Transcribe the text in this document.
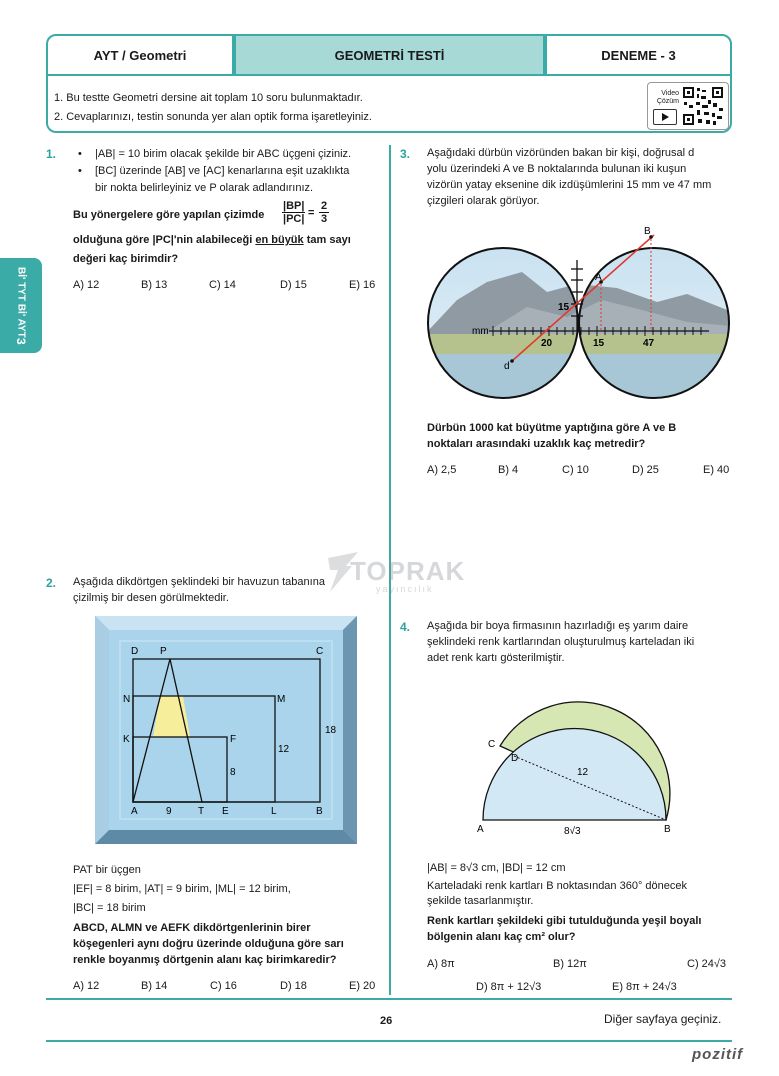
AYT / Geometri	GEOMETRİ TESTİ	DENEME - 3

1. Bu testte Geometri dersine ait toplam 10 soru bulunmaktadır.

2. Cevaplarınızı, testin sonunda yer alan optik forma işaretleyiniz.

Video
Çözüm
Bİ' TYT Bİ' AYT
3
1. • |AB| = 10 birim olacak şekilde bir ABC üçgeni çiziniz.
• [BC] üzerinde [AB] ve [AC] kenarlarına eşit uzaklıkta
bir nokta belirleyiniz ve P olarak adlandırınız.
Bu yönergelere göre yapılan çizimde $\frac{|BP|}{|PC|} = \frac{2}{3}$
olduğuna göre |PC|'nin alabileceği en büyük tam sayı
değeri kaç birimdir?
A) 12	B) 13	C) 14	D) 15	E) 16
3. Aşağıdaki dürbün vizöründen bakan bir kişi, doğrusal d
yolu üzerindeki A ve B noktalarında bulunan iki kuşun
vizörün yatay eksenine dik izdüşümlerini 15 mm ve 47 mm
çizgileri olarak görüyor.
B
A
d
mm
15
20	15	47
Dürbün 1000 kat büyütme yaptığına göre A ve B
noktaları arasındaki uzaklık kaç metredir?
A) 2,5	B) 4	C) 10	D) 25	E) 40
TOPRAK
yayıncılık
2. Aşağıda dikdörtgen şeklindeki bir havuzun tabanına
çizilmiş bir desen görülmektedir.
D P	C
N	M
K	F
A	9	T E	L	B
8
12
18
PAT bir üçgen
|EF| = 8 birim, |AT| = 9 birim, |ML| = 12 birim,
|BC| = 18 birim
ABCD, ALMN ve AEFK dikdörtgenlerinin birer
köşegenleri aynı doğru üzerinde olduğuna göre sarı
renkle boyanmış dörtgenin alanı kaç birimkaredir?
A) 12	B) 14	C) 16	D) 18	E) 20
4. Aşağıda bir boya firmasının hazırladığı eş yarım daire
şeklindeki renk kartlarından oluşturulmuş karteladan iki
adet renk kartı gösterilmiştir.
C
D
A	B
12
8√3
|AB| = 8√3 cm, |BD| = 12 cm
Karteladaki renk kartları B noktasından 360° dönecek
şekilde tasarlanmıştır.
Renk kartları şekildeki gibi tutulduğunda yeşil boyalı
bölgenin alanı kaç cm² olur?
A) 8π	B) 12π	C) 24√3
D) 8π + 12√3	E) 8π + 24√3
26	Diğer sayfaya geçiniz.
pozitif
